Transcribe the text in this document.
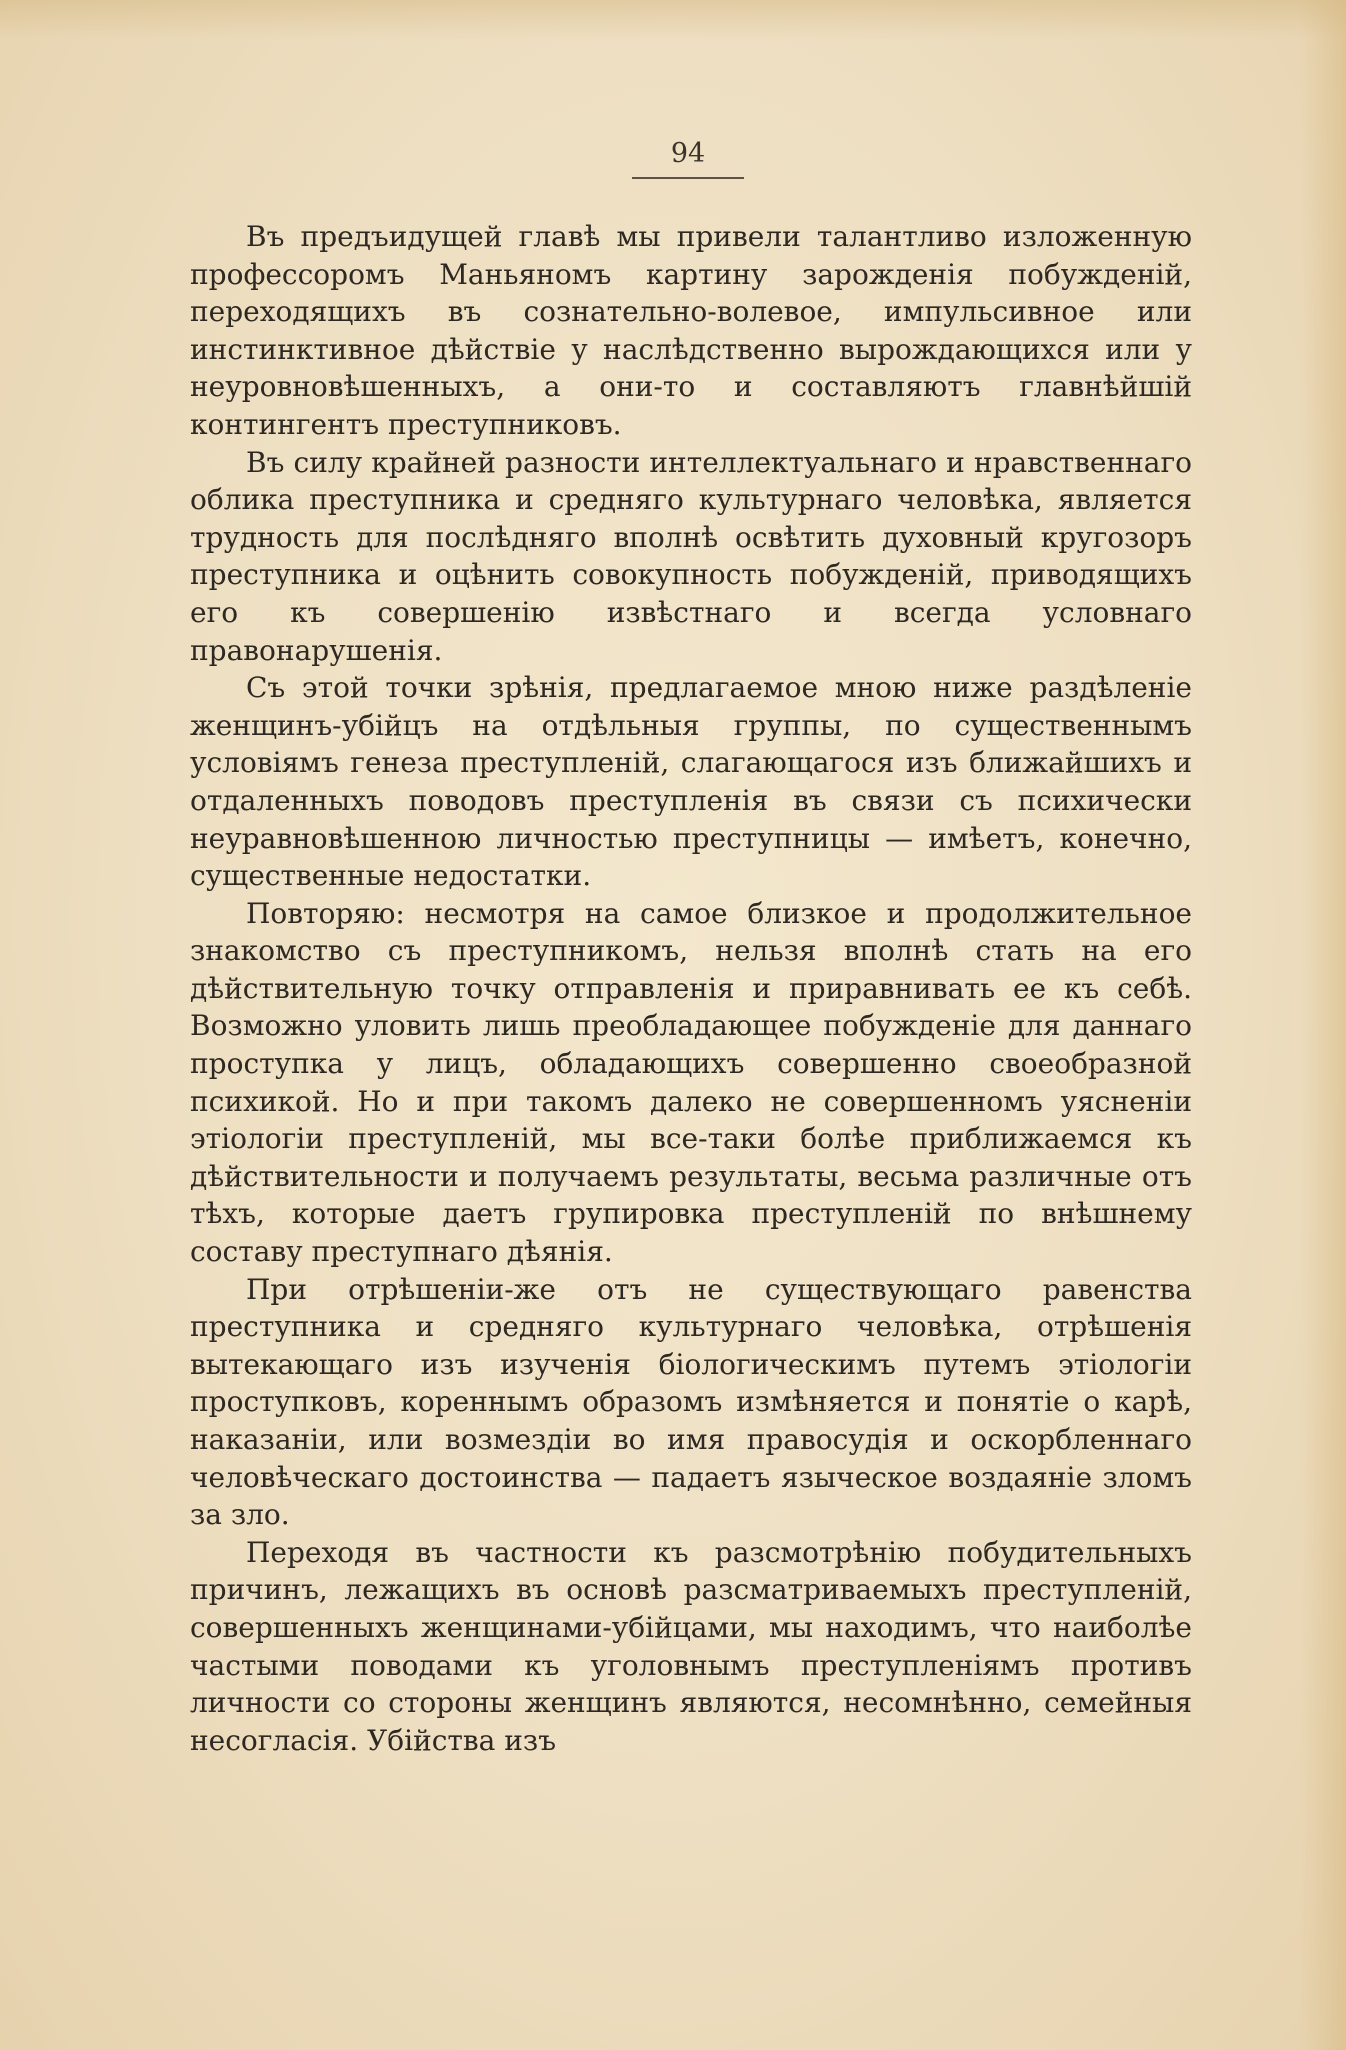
94

Въ предъидущей главѣ мы привели талантливо изложенную профессоромъ Маньяномъ картину зарожденія побужденій, переходящихъ въ сознательно-волевое, импульсивное или инстинктивное дѣйствіе у наслѣдственно вырождающихся или у неуровновѣшенныхъ, а они-то и составляютъ главнѣйшій контингентъ преступниковъ.

Въ силу крайней разности интеллектуальнаго и нравственнаго облика преступника и средняго культурнаго человѣка, является трудность для послѣдняго вполнѣ освѣтить духовный кругозоръ преступника и оцѣнить совокупность побужденій, приводящихъ его къ совершенію извѣстнаго и всегда условнаго правонарушенія.

Съ этой точки зрѣнія, предлагаемое мною ниже раздѣленіе женщинъ-убійцъ на отдѣльныя группы, по существеннымъ условіямъ генеза преступленій, слагающагося изъ ближайшихъ и отдаленныхъ поводовъ преступленія въ связи съ психически неуравновѣшенною личностью преступницы — имѣетъ, конечно, существенные недостатки.

Повторяю: несмотря на самое близкое и продолжительное знакомство съ преступникомъ, нельзя вполнѣ стать на его дѣйствительную точку отправленія и приравнивать ее къ себѣ. Возможно уловить лишь преобладающее побужденіе для даннаго проступка у лицъ, обладающихъ совершенно своеобразной психикой. Но и при такомъ далеко не совершенномъ уясненіи этіологіи преступленій, мы все-таки болѣе приближаемся къ дѣйствительности и получаемъ результаты, весьма различные отъ тѣхъ, которые даетъ групировка преступленій по внѣшнему составу преступнаго дѣянія.

При отрѣшеніи-же отъ не существующаго равенства преступника и средняго культурнаго человѣка, отрѣшенія вытекающаго изъ изученія біологическимъ путемъ этіологіи проступковъ, кореннымъ образомъ измѣняется и понятіе о карѣ, наказаніи, или возмездіи во имя правосудія и оскорбленнаго человѣческаго достоинства — падаетъ языческое воздаяніе зломъ за зло.

Переходя въ частности къ разсмотрѣнію побудительныхъ причинъ, лежащихъ въ основѣ разсматриваемыхъ преступленій, совершенныхъ женщинами-убійцами, мы находимъ, что наиболѣе частыми поводами къ уголовнымъ преступленіямъ противъ личности со стороны женщинъ являются, несомнѣнно, семейныя несогласія. Убійства изъ
